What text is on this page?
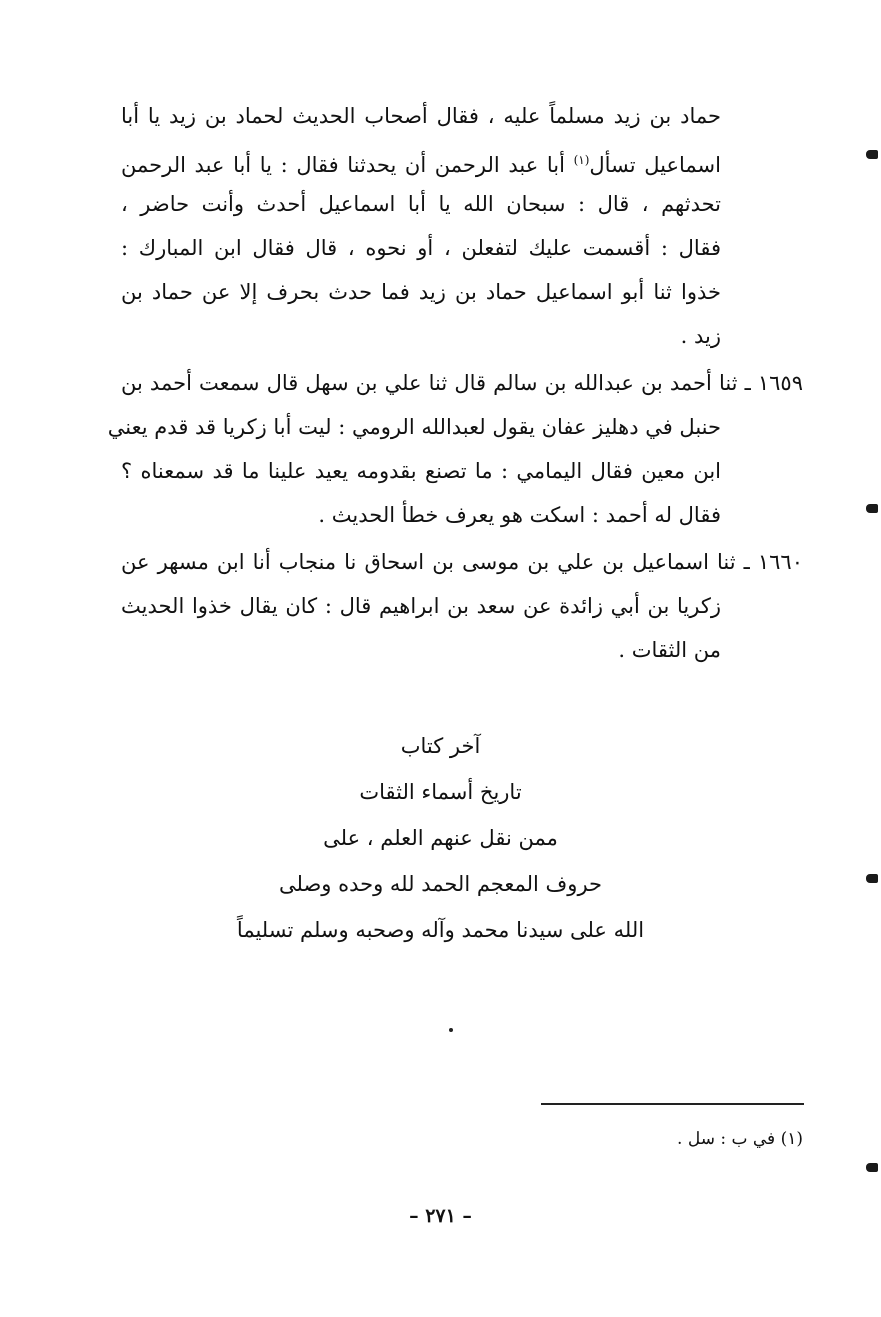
حماد بن زيد مسلماً عليه ، فقال أصحاب الحديث لحماد بن زيد يا أبا
اسماعيل تسأل$^{(١)}$ أبا عبد الرحمن أن يحدثنا فقال : يا أبا عبد الرحمن
تحدثهم ، قال : سبحان الله يا أبا اسماعيل أحدث وأنت حاضر ،
فقال : أقسمت عليك لتفعلن ، أو نحوه ، قال فقال ابن المبارك :
خذوا ثنا أبو اسماعيل حماد بن زيد فما حدث بحرف إلا عن حماد بن
زيد .
١٦٥٩ ـ ثنا أحمد بن عبدالله بن سالم قال ثنا علي بن سهل قال سمعت أحمد بن
حنبل في دهليز عفان يقول لعبدالله الرومي : ليت أبا زكريا قد قدم يعني
ابن معين فقال اليمامي : ما تصنع بقدومه يعيد علينا ما قد سمعناه ؟
فقال له أحمد : اسكت هو يعرف خطأ الحديث .
١٦٦٠ ـ ثنا اسماعيل بن علي بن موسى بن اسحاق نا منجاب أنا ابن مسهر عن
زكريا بن أبي زائدة عن سعد بن ابراهيم قال : كان يقال خذوا الحديث
من الثقات .
آخر كتاب
تاريخ أسماء الثقات
ممن نقل عنهم العلم ، على
حروف المعجم الحمد لله وحده وصلى
الله على سيدنا محمد وآله وصحبه وسلم تسليماً
(١) في ب : سل .
– ٢٧١ –
